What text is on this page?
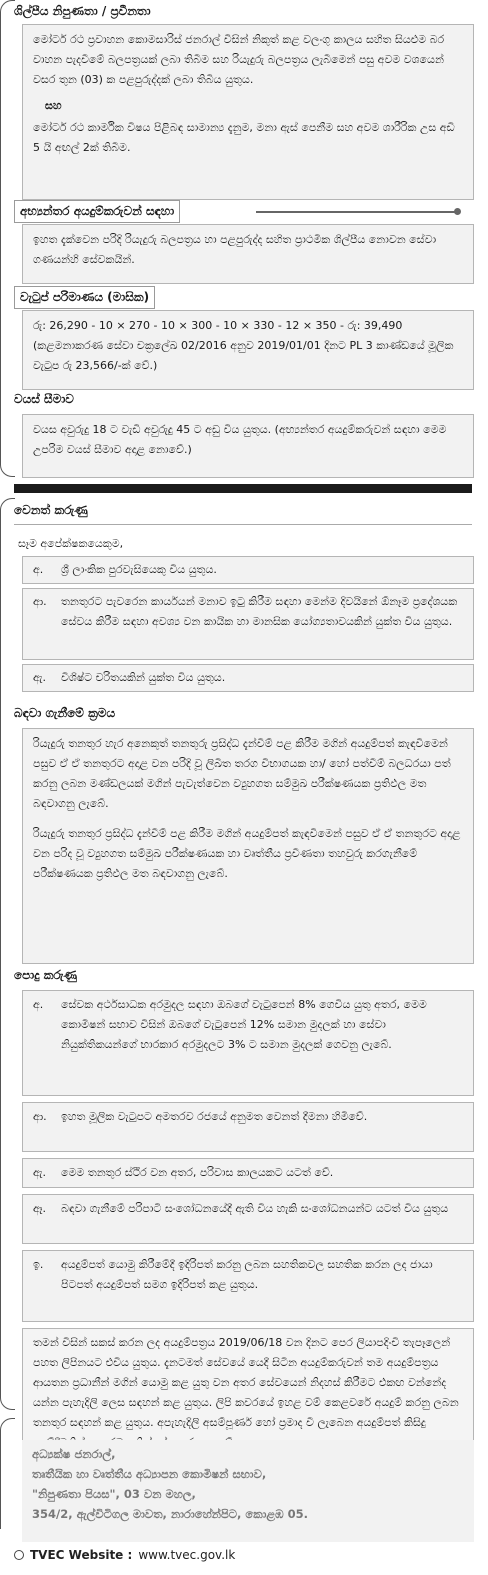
ශිල්පීය නිපුණතා / ප්‍රවීනතා
මෝටර් රථ ප්‍රවාහන කොමසාරිස් ජනරාල් විසින් නිකුත් කළ වලංගු කාලය සහිත සියළුම බර වාහන පැදවීමේ බලපත්‍රයක් ලබා තිබීම සහ රියැදුරු බලපත්‍රය ලැබීමෙන් පසු අවම වශයෙන් වසර තුන (03) ක පළපුරුද්දක් ලබා තිබිය යුතුය.
සහ
මෝටර් රථ කාර්මික විෂය පිළිබඳ සාමාන්‍ය දැනුම, මනා ඇස් පෙනීම සහ අවම ශාරීරික උස අඩි 5 යි අඟල් 2ක් තිබීම.
අභ්‍යන්තර අයදුම්කරුවන් සඳහා
ඉහත දැක්වෙන පරිදි රියැදුරු බලපත්‍රය හා පළපුරුද්ද සහිත ප්‍රාථමික ශිල්පීය නොවන සේවා ගණයන්හි සේවකයින්.
වැටුප් පරිමාණය (මාසික)
රු: 26,290 - 10 × 270 - 10 × 300 - 10 × 330 - 12 × 350 - රු: 39,490
(කළමනාකරණ සේවා චක්‍රලේඛ 02/2016 අනුව 2019/01/01 දිනට PL 3 කාණ්ඩයේ මූලික වැටුප රු 23,566/-ක් වේ.)
වයස් සීමාව
වයස අවුරුදු 18 ට වැඩි අවුරුදු 45 ට අඩු විය යුතුය. (අභ්‍යන්තර අයදුම්කරුවන් සඳහා මෙම උපරිම වයස් සීමාව අදාළ නොවේ.)
වෙනත් කරුණු
සෑම අපේක්ෂකයෙකුම,
අ.	ශ්‍රී ලාංකික පුරවැසියෙකු විය යුතුය.
ආ.	තනතුරට පැවරෙන කාර්යයන් මනාව ඉටු කිරීම සඳහා මෙන්ම දිවයිනේ ඕනෑම ප්‍රදේශයක සේවය කිරීම සඳහා අවශ්‍ය වන කායික හා මානසික යෝග්‍යතාවයකින් යුක්ත විය යුතුය.
ඇ.	විශිෂ්ට චරිතයකින් යුක්ත විය යුතුය.
බඳවා ගැනීමේ ක්‍රමය
රියැදුරු තනතුර හැර අනෙකුත් තනතුරු ප්‍රසිද්ධ දැන්වීම් පළ කිරීම මගින් අයදුම්පත් කැඳවීමෙන් පසුව ඒ ඒ තනතුරට අදාළ වන පරිදි වූ ලිඛිත තරග විභාගයක හා/ හෝ පත්වීම් බලධරයා පත් කරනු ලබන මණ්ඩලයක් මගින් පැවැත්වෙන ව්‍යුහගත සම්මුඛ පරීක්ෂණයක ප්‍රතිඵල මත බඳවාගනු ලැබේ.
රියැදුරු තනතුර ප්‍රසිද්ධ දැන්වීම් පළ කිරීම මගින් අයදුම්පත් කැඳවීමෙන් පසුව ඒ ඒ තනතුරට අදාළ වන පරිද වූ ව්‍යුහගත සම්මුඛ පරීක්ෂණයක හා වෘත්තීය ප්‍රවීණතා තහවුරු කරගැනීමේ පරීක්ෂණයක ප්‍රතිඵල මත බඳවාගනු ලැබේ.
පොදු කරුණු
අ.	සේවක අර්ථසාධක අරමුදල සඳහා ඔබගේ වැටුපෙන් 8% ගෙවිය යුතු අතර, මෙම කොමිෂන් සභාව විසින් ඔබගේ වැටුපෙන් 12% සමාන මුදලක් හා සේවා නියුක්තිකයන්ගේ භාරකාර අරමුදලට 3% ට සමාන මුදලක් ගෙවනු ලැබේ.
ආ.	ඉහත මූලික වැටුපට අමතරව රජයේ අනුමත වෙනත් දීමනා හිමිවේ.
ඇ.	මෙම තනතුර ස්ථිර වන අතර, පරිවාස කාලයකට යටත් වේ.
ඈ.	බඳවා ගැනීමේ පරිපාටි සංශෝධනයේදී ඇති විය හැකි සංශෝධනයන්ට යටත් විය යුතුය
ඉ.	අයදුම්පත් යොමු කිරීමේදී ඉදිරිපත් කරනු ලබන සහතිකවල සහතික කරන ලද ජායා පිටපත් අයදුම්පත් සමග ඉදිරිපත් කළ යුතුය.
තමන් විසින් සකස් කරන ලද අයදුම්පත්‍රය 2019/06/18 වන දිනට පෙර ලියාපදිංචි තැපෑලෙන් පහත ලිපිනයට එවිය යුතුය. දැනටමත් සේවයේ යෙදී සිටින අයදුම්කරුවන් තම අයදුම්පත්‍රය ආයතන ප්‍රධානීන් මගින් යොමු කළ යුතු වන අතර සේවයෙන් නිදහස් කිරීමට එකඟ වන්නේද යන්න පැහැදිලි ලෙස සඳහන් කළ යුතුය. ලිපි කවරයේ ඉහළ වම් කෙළවරේ අයදුම් කරනු ලබන තනතුර සඳහන් කළ යුතුය. අපැහැදිලි අසම්පූර්ණ හෝ ප්‍රමාද වී ලැබෙන අයදුම්පත් කිසිදු
අධ්‍යක්ෂ ජනරාල්,
තෘතීයික හා වෘත්තීය අධ්‍යාපන කොමිෂන් සභාව,
"නිපුණතා පියස", 03 වන මහල,
354/2, ඇල්විටිගල මාවත, නාරාහේන්පිට, කොළඹ 05.
TVEC Website : www.tvec.gov.lk
